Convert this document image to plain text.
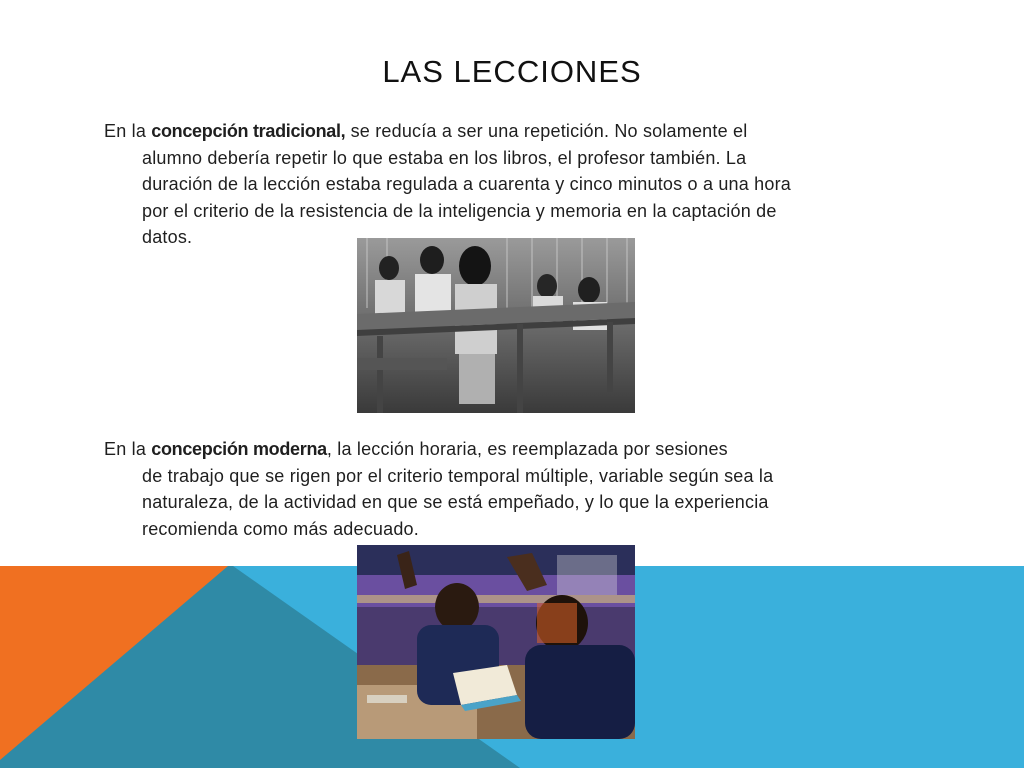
LAS LECCIONES
En la concepción tradicional, se reducía a ser una repetición. No solamente el
alumno debería repetir lo que estaba en los libros, el profesor también. La
duración de la lección estaba regulada a cuarenta y cinco minutos o a una hora
por el criterio de la resistencia de la inteligencia y memoria en la captación de
datos.
En la concepción moderna, la lección horaria, es reemplazada por sesiones
de trabajo que se rigen por el criterio temporal múltiple, variable según sea la
naturaleza, de la actividad en que se está empeñado, y lo que la experiencia
recomienda como más adecuado.
